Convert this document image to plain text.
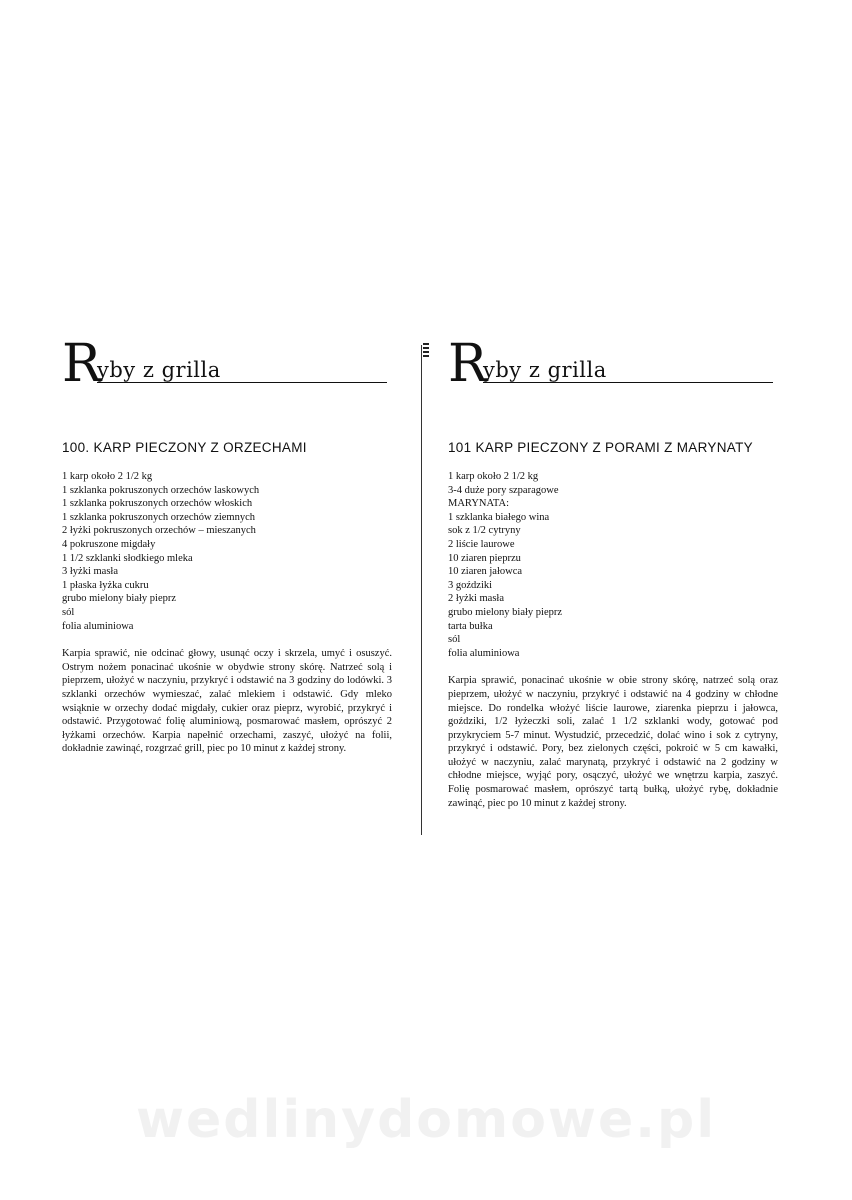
R
yby z grilla
100. KARP PIECZONY Z ORZECHAMI
1 karp około 2 1/2 kg
1 szklanka pokruszonych orzechów laskowych
1 szklanka pokruszonych orzechów włoskich
1 szklanka pokruszonych orzechów ziemnych
2 łyżki pokruszonych orzechów – mieszanych
4 pokruszone migdały
1 1/2 szklanki słodkiego mleka
3 łyżki masła
1 płaska łyżka cukru
grubo mielony biały pieprz
sól
folia aluminiowa

Karpia sprawić, nie odcinać głowy, usunąć oczy i skrzela, umyć i osuszyć. Ostrym nożem ponacinać ukośnie w obydwie strony skórę. Natrzeć solą i pieprzem, ułożyć w naczyniu, przykryć i odstawić na 3 godziny do lodówki. 3 szklanki orzechów wymieszać, zalać mlekiem i odstawić. Gdy mleko wsiąknie w orzechy dodać migdały, cukier oraz pieprz, wyrobić, przykryć i odstawić. Przygotować folię aluminiową, posmarować masłem, oprószyć 2 łyżkami orzechów. Karpia napełnić orzechami, zaszyć, ułożyć na folii, dokładnie zawinąć, rozgrzać grill, piec po 10 minut z każdej strony.

R
yby z grilla
101 KARP PIECZONY Z PORAMI Z MARYNATY
1 karp około 2 1/2 kg
3-4 duże pory szparagowe
MARYNATA:
1 szklanka białego wina
sok z 1/2 cytryny
2 liście laurowe
10 ziaren pieprzu
10 ziaren jałowca
3 goździki
2 łyżki masła
grubo mielony biały pieprz
tarta bułka
sól
folia aluminiowa

Karpia sprawić, ponacinać ukośnie w obie strony skórę, natrzeć solą oraz pieprzem, ułożyć w naczyniu, przykryć i odstawić na 4 godziny w chłodne miejsce. Do rondelka włożyć liście laurowe, ziarenka pieprzu i jałowca, goździki, 1/2 łyżeczki soli, zalać 1 1/2 szklanki wody, gotować pod przykryciem 5-7 minut. Wystudzić, przecedzić, dolać wino i sok z cytryny, przykryć i odstawić. Pory, bez zielonych części, pokroić w 5 cm kawałki, ułożyć w naczyniu, zalać marynatą, przykryć i odstawić na 2 godziny w chłodne miejsce, wyjąć pory, osączyć, ułożyć we wnętrzu karpia, zaszyć. Folię posmarować masłem, oprószyć tartą bułką, ułożyć rybę, dokładnie zawinąć, piec po 10 minut z każdej strony.

wedlinydomowe.pl
